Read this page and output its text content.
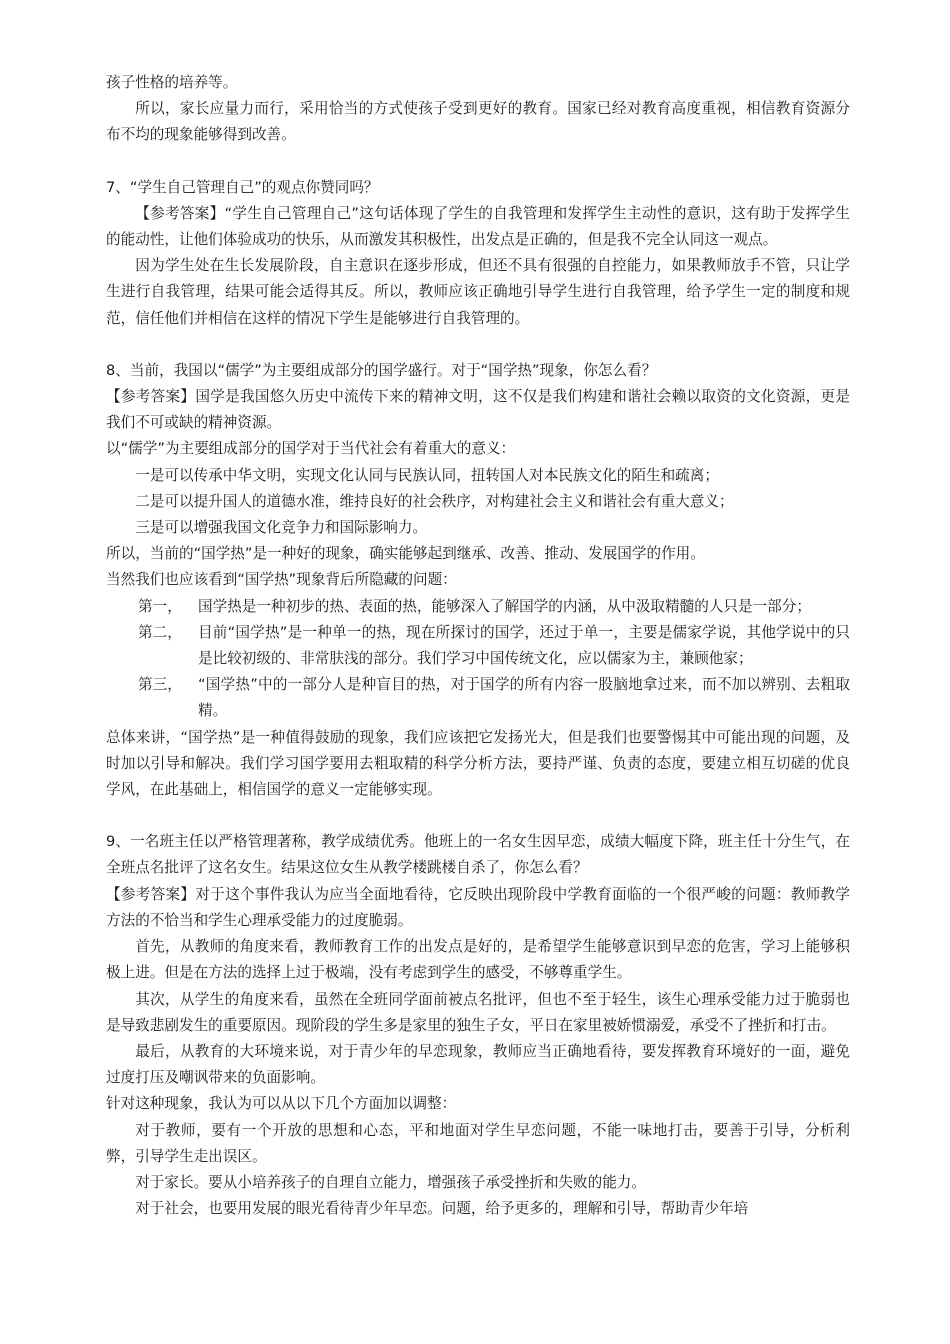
孩子性格的培养等。

所以，家长应量力而行，采用恰当的方式使孩子受到更好的教育。国家已经对教育高度重视，相信教育资源分布不均的现象能够得到改善。

7、“学生自己管理自己”的观点你赞同吗？

【参考答案】“学生自己管理自己”这句话体现了学生的自我管理和发挥学生主动性的意识，这有助于发挥学生的能动性，让他们体验成功的快乐，从而激发其积极性，出发点是正确的，但是我不完全认同这一观点。

因为学生处在生长发展阶段，自主意识在逐步形成，但还不具有很强的自控能力，如果教师放手不管，只让学生进行自我管理，结果可能会适得其反。所以，教师应该正确地引导学生进行自我管理，给予学生一定的制度和规范，信任他们并相信在这样的情况下学生是能够进行自我管理的。

8、当前，我国以“儒学”为主要组成部分的国学盛行。对于“国学热”现象，你怎么看？

【参考答案】国学是我国悠久历史中流传下来的精神文明，这不仅是我们构建和谐社会赖以取资的文化资源，更是我们不可或缺的精神资源。

以“儒学”为主要组成部分的国学对于当代社会有着重大的意义：

一是可以传承中华文明，实现文化认同与民族认同，扭转国人对本民族文化的陌生和疏离；

二是可以提升国人的道德水准，维持良好的社会秩序，对构建社会主义和谐社会有重大意义；

三是可以增强我国文化竞争力和国际影响力。

所以，当前的“国学热”是一种好的现象，确实能够起到继承、改善、推动、发展国学的作用。

当然我们也应该看到“国学热”现象背后所隐藏的问题：

第一，	国学热是一种初步的热、表面的热，能够深入了解国学的内涵，从中汲取精髓的人只是一部分；
第二，	目前“国学热”是一种单一的热，现在所探讨的国学，还过于单一，主要是儒家学说，其他学说中的只是比较初级的、非常肤浅的部分。我们学习中国传统文化，应以儒家为主，兼顾他家；
第三，	“国学热”中的一部分人是种盲目的热，对于国学的所有内容一股脑地拿过来，而不加以辨别、去粗取精。

总体来讲，“国学热”是一种值得鼓励的现象，我们应该把它发扬光大，但是我们也要警惕其中可能出现的问题，及时加以引导和解决。我们学习国学要用去粗取精的科学分析方法，要持严谨、负责的态度，要建立相互切磋的优良学风，在此基础上，相信国学的意义一定能够实现。

9、一名班主任以严格管理著称，教学成绩优秀。他班上的一名女生因早恋，成绩大幅度下降，班主任十分生气，在全班点名批评了这名女生。结果这位女生从教学楼跳楼自杀了，你怎么看？

【参考答案】对于这个事件我认为应当全面地看待，它反映出现阶段中学教育面临的一个很严峻的问题：教师教学方法的不恰当和学生心理承受能力的过度脆弱。

首先，从教师的角度来看，教师教育工作的出发点是好的，是希望学生能够意识到早恋的危害，学习上能够积极上进。但是在方法的选择上过于极端，没有考虑到学生的感受，不够尊重学生。

其次，从学生的角度来看，虽然在全班同学面前被点名批评，但也不至于轻生，该生心理承受能力过于脆弱也是导致悲剧发生的重要原因。现阶段的学生多是家里的独生子女，平日在家里被娇惯溺爱，承受不了挫折和打击。

最后，从教育的大环境来说，对于青少年的早恋现象，教师应当正确地看待，要发挥教育环境好的一面，避免过度打压及嘲讽带来的负面影响。

针对这种现象，我认为可以从以下几个方面加以调整：

对于教师，要有一个开放的思想和心态，平和地面对学生早恋问题，不能一味地打击，要善于引导，分析利弊，引导学生走出误区。

对于家长。要从小培养孩子的自理自立能力，增强孩子承受挫折和失败的能力。

对于社会，也要用发展的眼光看待青少年早恋。问题，给予更多的，理解和引导，帮助青少年培
